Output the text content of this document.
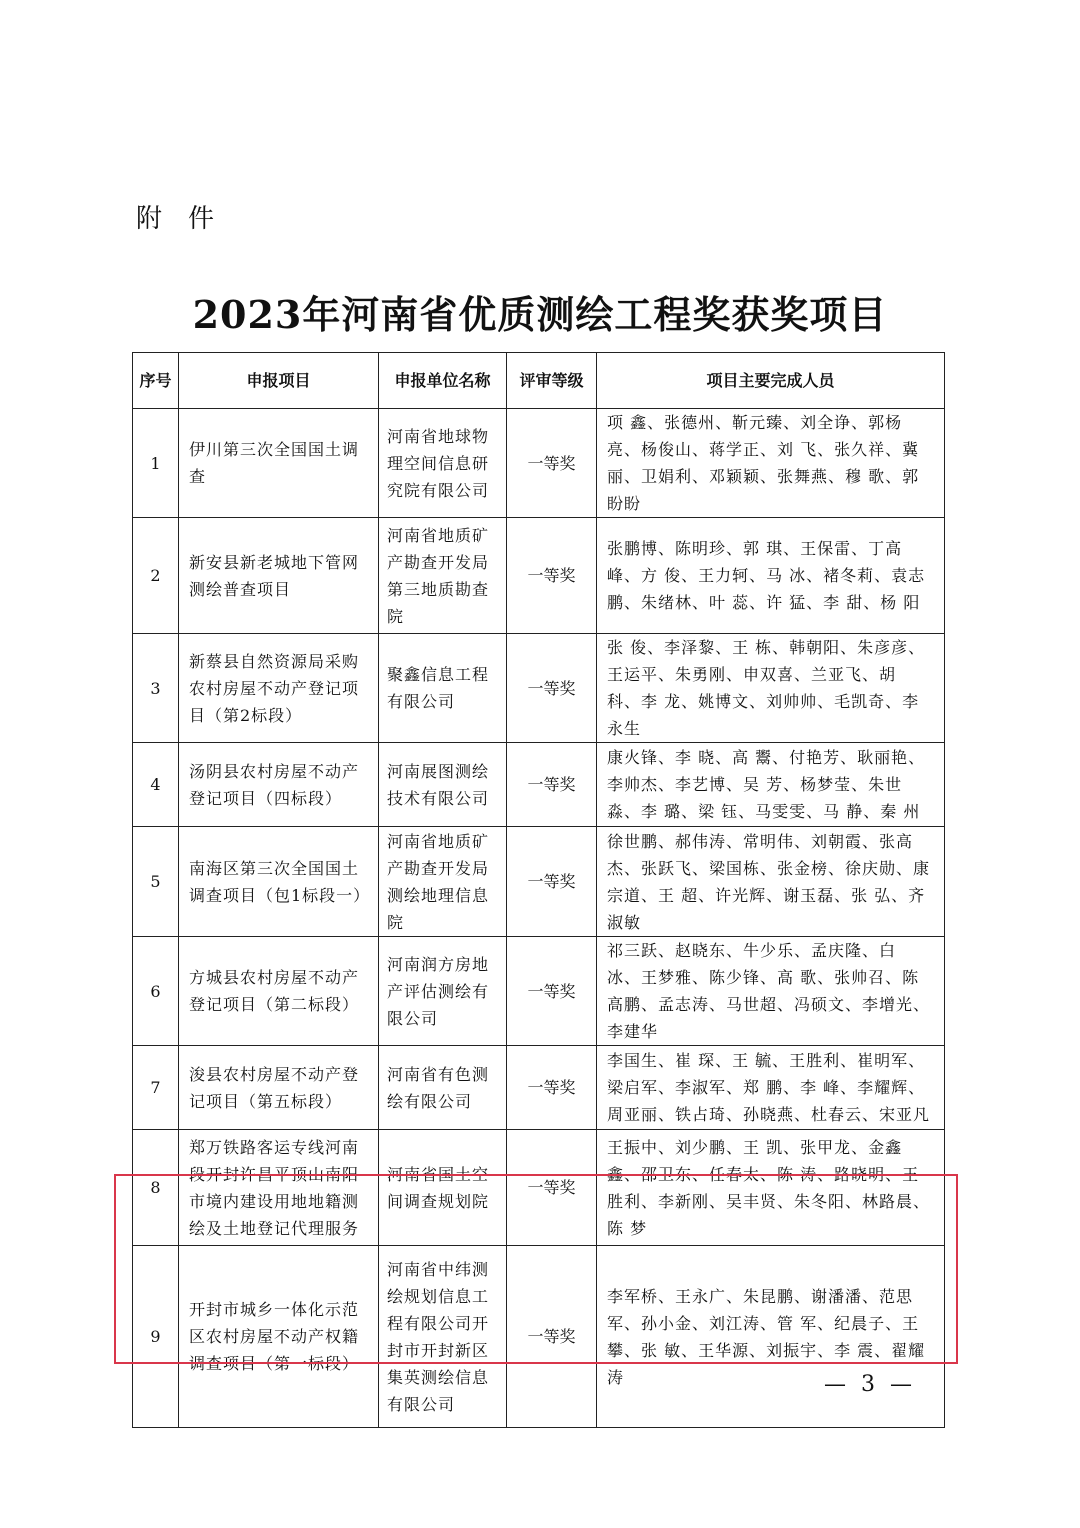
附件
2023年河南省优质测绘工程奖获奖项目
序号	申报项目	申报单位名称	评审等级	项目主要完成人员
1	伊川第三次全国国土调查	河南省地球物理空间信息研究院有限公司	一等奖	项 鑫、张德州、靳元臻、刘全诤、郭杨亮、杨俊山、蒋学正、刘 飞、张久祥、冀 丽、卫娟利、邓颖颖、张舞燕、穆 歌、郭盼盼
2	新安县新老城地下管网测绘普查项目	河南省地质矿产勘查开发局第三地质勘查院	一等奖	张鹏博、陈明珍、郭 琪、王保雷、丁高峰、方 俊、王力轲、马 冰、褚冬莉、袁志鹏、朱绪林、叶 蕊、许 猛、李 甜、杨 阳
3	新蔡县自然资源局采购农村房屋不动产登记项目（第2标段）	聚鑫信息工程有限公司	一等奖	张 俊、李泽黎、王 栋、韩朝阳、朱彦彦、王运平、朱勇刚、申双喜、兰亚飞、胡 科、李 龙、姚博文、刘帅帅、毛凯奇、李永生
4	汤阴县农村房屋不动产登记项目（四标段）	河南展图测绘技术有限公司	一等奖	康火锋、李 晓、高 鬻、付艳芳、耿丽艳、李帅杰、李艺博、吴 芳、杨梦莹、朱世淼、李 璐、梁 钰、马雯雯、马 静、秦 州
5	南海区第三次全国国土调查项目（包1标段一）	河南省地质矿产勘查开发局测绘地理信息院	一等奖	徐世鹏、郝伟涛、常明伟、刘朝霞、张高杰、张跃飞、梁国栋、张金榜、徐庆勋、康宗道、王 超、许光辉、谢玉磊、张 弘、齐淑敏
6	方城县农村房屋不动产登记项目（第二标段）	河南润方房地产评估测绘有限公司	一等奖	祁三跃、赵晓东、牛少乐、孟庆隆、白 冰、王梦雅、陈少锋、高 歌、张帅召、陈高鹏、孟志涛、马世超、冯硕文、李增光、李建华
7	浚县农村房屋不动产登记项目（第五标段）	河南省有色测绘有限公司	一等奖	李国生、崔 琛、王 毓、王胜利、崔明军、梁启军、李淑军、郑 鹏、李 峰、李耀辉、周亚丽、铁占琦、孙晓燕、杜春云、宋亚凡
8	郑万铁路客运专线河南段开封许昌平顶山南阳市境内建设用地地籍测绘及土地登记代理服务	河南省国土空间调查规划院	一等奖	王振中、刘少鹏、王 凯、张甲龙、金鑫鑫、邵卫东、任春太、陈 涛、路晓明、王胜利、李新刚、吴丰贤、朱冬阳、林路晨、陈 梦
9	开封市城乡一体化示范区农村房屋不动产权籍调查项目（第一标段）	河南省中纬测绘规划信息工程有限公司开封市开封新区集英测绘信息有限公司	一等奖	李军桥、王永广、朱昆鹏、谢潘潘、范思军、孙小金、刘江涛、管 军、纪晨子、王 攀、张 敏、王华源、刘振宇、李 震、翟耀涛	— 3 —
